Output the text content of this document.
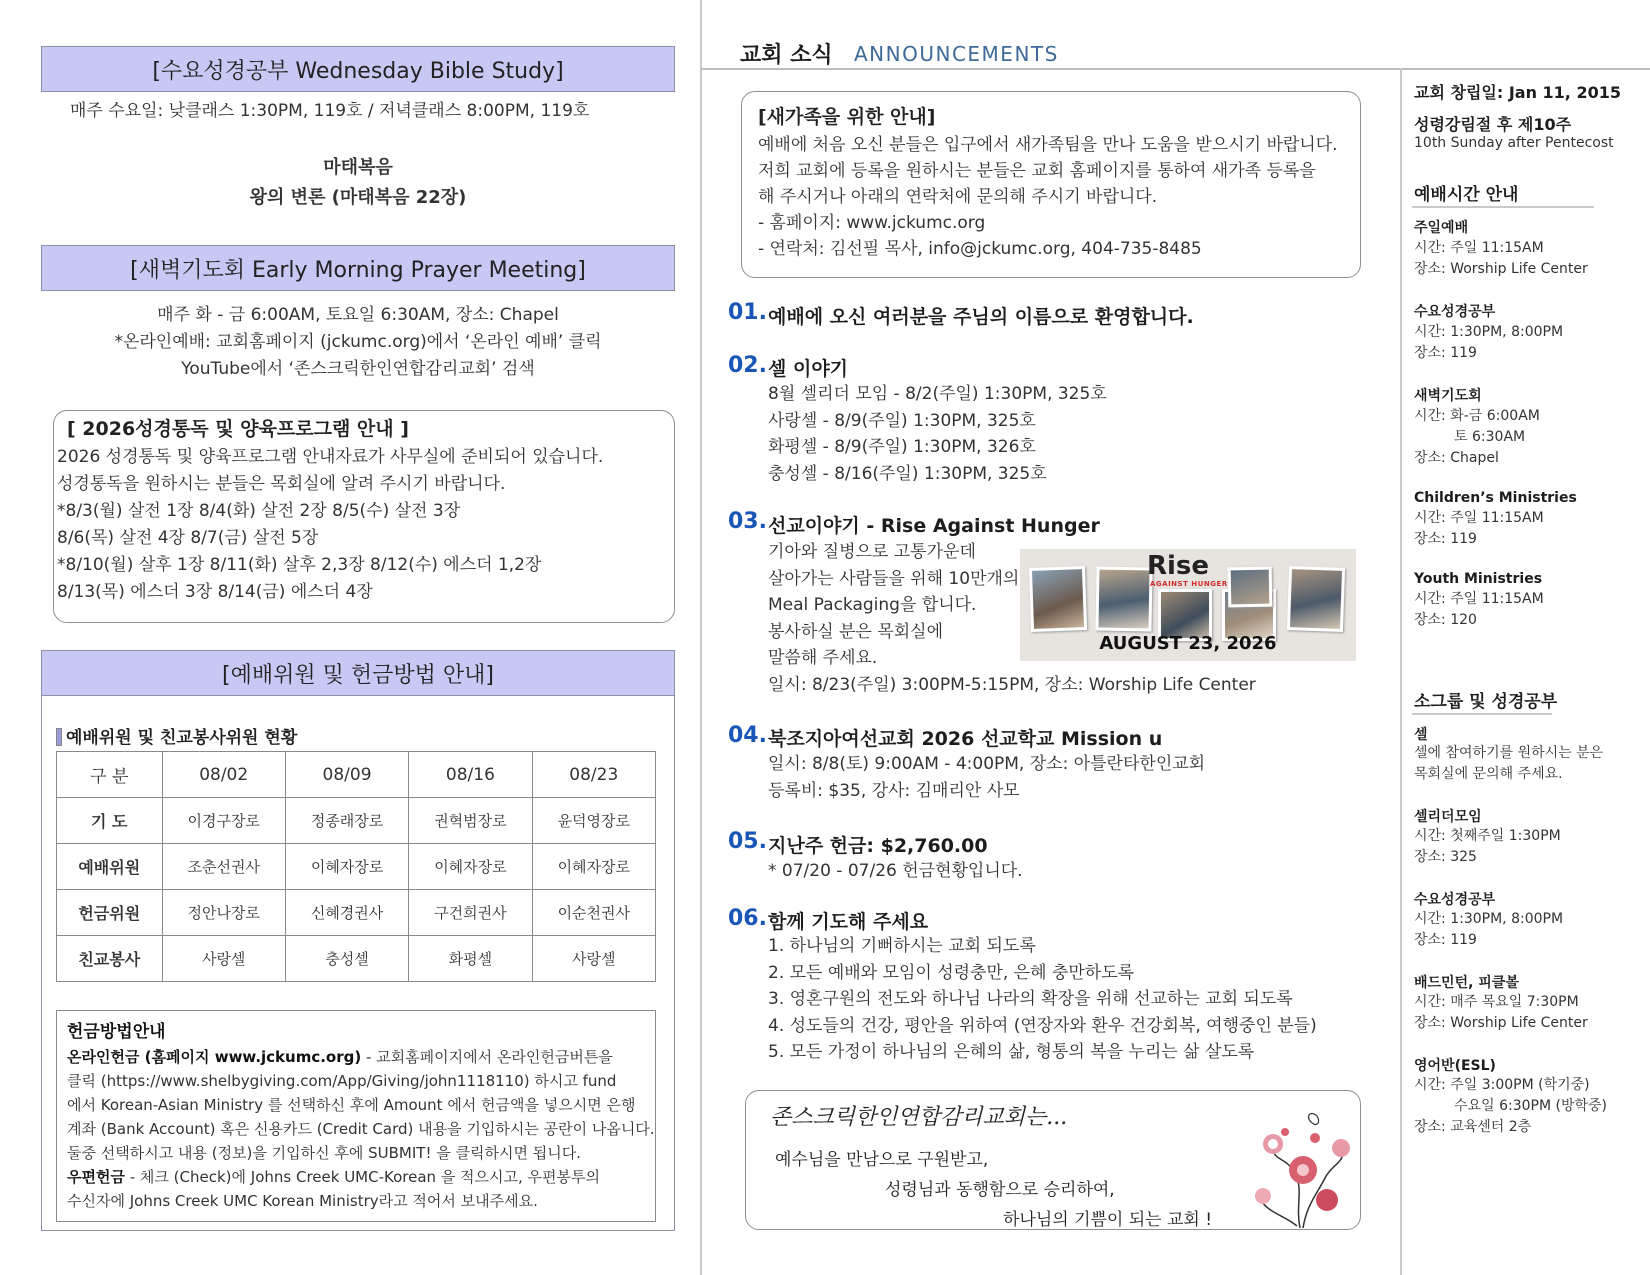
[수요성경공부 Wednesday Bible Study]
매주 수요일: 낮클래스 1:30PM, 119호 / 저녁클래스 8:00PM, 119호
마태복음
왕의 변론 (마태복음 22장)
[새벽기도회 Early Morning Prayer Meeting]
매주 화 - 금 6:00AM, 토요일 6:30AM, 장소: Chapel
*온라인예배: 교회홈페이지 (jckumc.org)에서 ‘온라인 예배’ 클릭
YouTube에서 ‘존스크릭한인연합감리교회’ 검색
[ 2026성경통독 및 양육프로그램 안내 ]
2026 성경통독 및 양육프로그램 안내자료가 사무실에 준비되어 있습니다.
성경통독을 원하시는 분들은 목회실에 알려 주시기 바랍니다.
*8/3(월) 살전 1장 8/4(화) 살전 2장 8/5(수) 살전 3장
8/6(목) 살전 4장 8/7(금) 살전 5장
*8/10(월) 살후 1장 8/11(화) 살후 2,3장 8/12(수) 에스더 1,2장
8/13(목) 에스더 3장 8/14(금) 에스더 4장
[예배위원 및 헌금방법 안내]
예배위원 및 친교봉사위원 현황
구 분	08/02	08/09	08/16	08/23
기 도	이경구장로	정종래장로	권혁범장로	윤덕영장로
예배위원	조춘선권사	이혜자장로	이혜자장로	이혜자장로
헌금위원	정안나장로	신혜경권사	구건희권사	이순천권사
친교봉사	사랑셀	충성셀	화평셀	사랑셀
헌금방법안내
온라인헌금 (홈페이지 www.jckumc.org) - 교회홈페이지에서 온라인헌금버튼을
클릭 (https://www.shelbygiving.com/App/Giving/john1118110) 하시고 fund
에서 Korean-Asian Ministry 를 선택하신 후에 Amount 에서 헌금액을 넣으시면 은행
계좌 (Bank Account) 혹은 신용카드 (Credit Card) 내용을 기입하시는 공란이 나옵니다.
둘중 선택하시고 내용 (정보)을 기입하신 후에 SUBMIT! 을 클릭하시면 됩니다.
우편헌금 - 체크 (Check)에 Johns Creek UMC-Korean 을 적으시고, 우편봉투의
수신자에 Johns Creek UMC Korean Ministry라고 적어서 보내주세요.
교회 소식 ANNOUNCEMENTS
[새가족을 위한 안내]
예배에 처음 오신 분들은 입구에서 새가족팀을 만나 도움을 받으시기 바랍니다.
저희 교회에 등록을 원하시는 분들은 교회 홈페이지를 통하여 새가족 등록을
해 주시거나 아래의 연락처에 문의해 주시기 바랍니다.
- 홈페이지: www.jckumc.org
- 연락처: 김선필 목사, info@jckumc.org, 404-735-8485
01. 예배에 오신 여러분을 주님의 이름으로 환영합니다.
02. 셀 이야기
8월 셀리더 모임 - 8/2(주일) 1:30PM, 325호
사랑셀 - 8/9(주일) 1:30PM, 325호
화평셀 - 8/9(주일) 1:30PM, 326호
충성셀 - 8/16(주일) 1:30PM, 325호
03. 선교이야기 - Rise Against Hunger
기아와 질병으로 고통가운데
살아가는 사람들을 위해 10만개의
Meal Packaging을 합니다.
봉사하실 분은 목회실에
말씀해 주세요.
일시: 8/23(주일) 3:00PM-5:15PM, 장소: Worship Life Center
Rise
AGAINST HUNGER
AUGUST 23, 2026
04. 북조지아여선교회 2026 선교학교 Mission u
일시: 8/8(토) 9:00AM - 4:00PM, 장소: 아틀란타한인교회
등록비: $35, 강사: 김매리안 사모
05. 지난주 헌금: $2,760.00
* 07/20 - 07/26 헌금현황입니다.
06. 함께 기도해 주세요
1. 하나님의 기뻐하시는 교회 되도록
2. 모든 예배와 모임이 성령충만, 은혜 충만하도록
3. 영혼구원의 전도와 하나님 나라의 확장을 위해 선교하는 교회 되도록
4. 성도들의 건강, 평안을 위하여 (연장자와 환우 건강회복, 여행중인 분들)
5. 모든 가정이 하나님의 은혜의 삶, 형통의 복을 누리는 삶 살도록
존스크릭한인연합감리교회는...
예수님을 만남으로 구원받고,
성령님과 동행함으로 승리하여,
하나님의 기쁨이 되는 교회 !
교회 창립일: Jan 11, 2015
성령강림절 후 제10주
10th Sunday after Pentecost
예배시간 안내
주일예배
시간: 주일 11:15AM
장소: Worship Life Center
수요성경공부
시간: 1:30PM, 8:00PM
장소: 119
새벽기도회
시간: 화-금 6:00AM
토 6:30AM
장소: Chapel
Children’s Ministries
시간: 주일 11:15AM
장소: 119
Youth Ministries
시간: 주일 11:15AM
장소: 120
소그룹 및 성경공부
셀
셀에 참여하기를 원하시는 분은
목회실에 문의해 주세요.
셀리더모임
시간: 첫째주일 1:30PM
장소: 325
수요성경공부
시간: 1:30PM, 8:00PM
장소: 119
배드민턴, 피클볼
시간: 매주 목요일 7:30PM
장소: Worship Life Center
영어반(ESL)
시간: 주일 3:00PM (학기중)
수요일 6:30PM (방학중)
장소: 교육센터 2층
